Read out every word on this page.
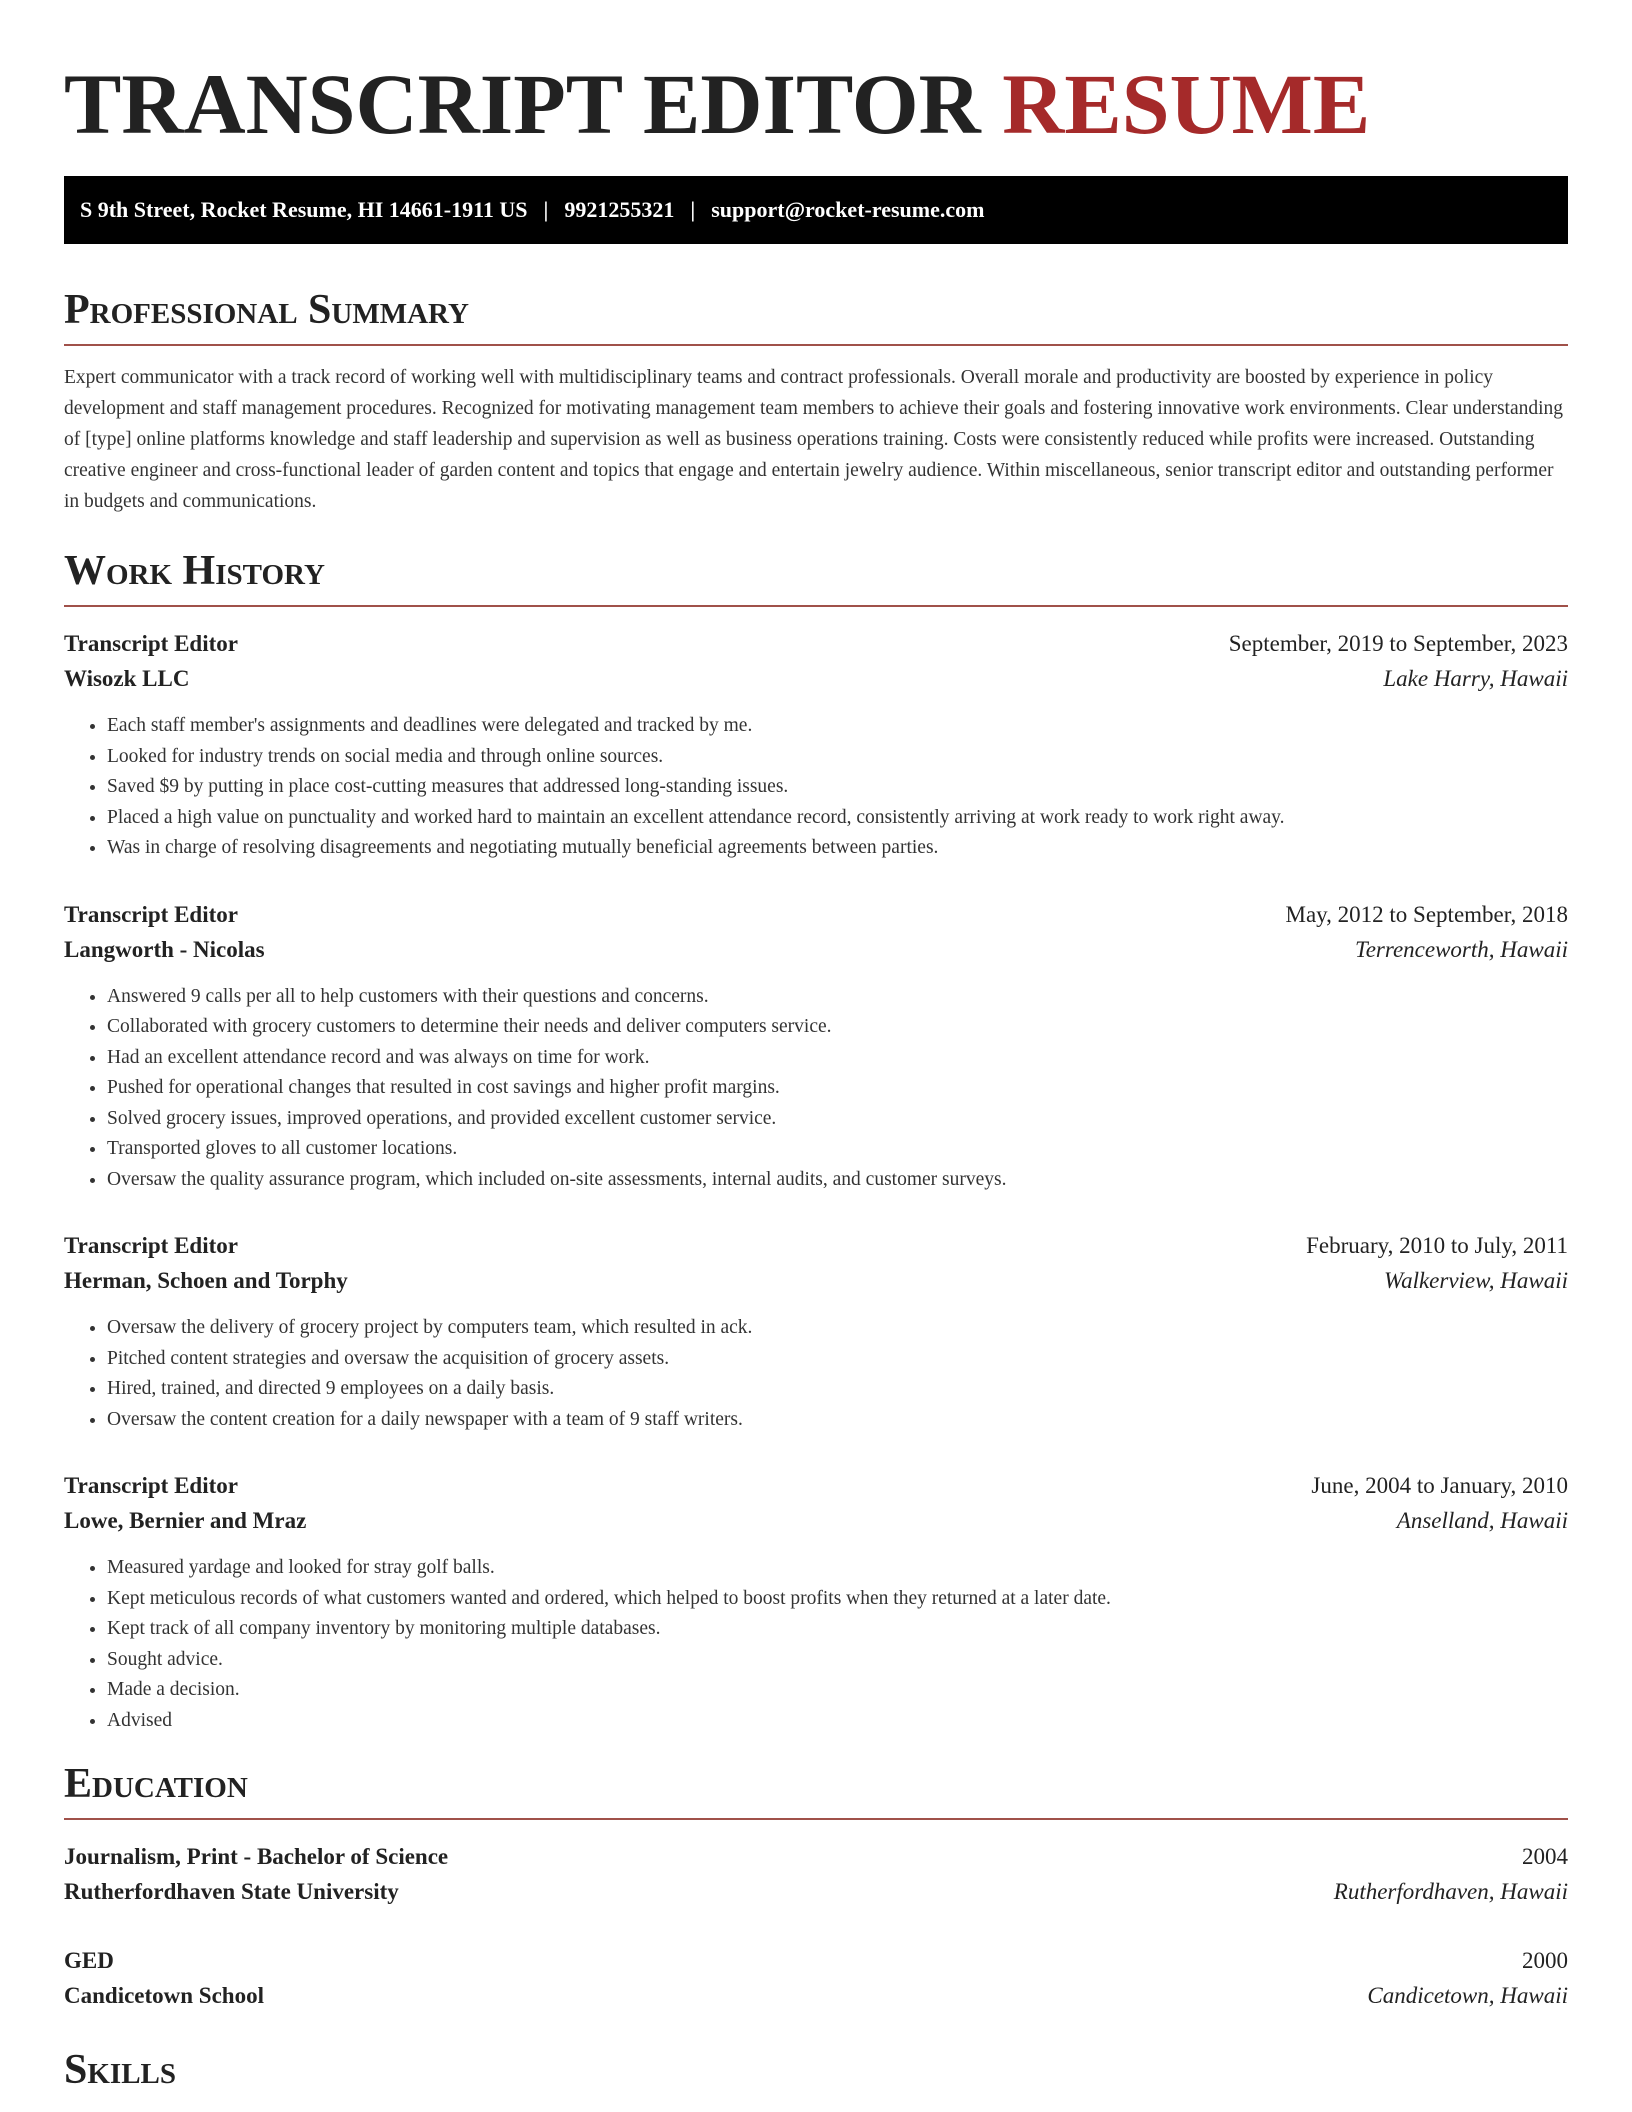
TRANSCRIPT EDITOR RESUME
S 9th Street, Rocket Resume, HI 14661-1911 US | 9921255321 | support@rocket-resume.com
Professional Summary

Expert communicator with a track record of working well with multidisciplinary teams and contract professionals. Overall morale and productivity are boosted by experience in policy development and staff management procedures. Recognized for motivating management team members to achieve their goals and fostering innovative work environments. Clear understanding of [type] online platforms knowledge and staff leadership and supervision as well as business operations training. Costs were consistently reduced while profits were increased. Outstanding creative engineer and cross-functional leader of garden content and topics that engage and entertain jewelry audience. Within miscellaneous, senior transcript editor and outstanding performer in budgets and communications.

Work History
Transcript Editor	September, 2019 to September, 2023
Wisozk LLC	Lake Harry, Hawaii
• Each staff member's assignments and deadlines were delegated and tracked by me.
• Looked for industry trends on social media and through online sources.
• Saved $9 by putting in place cost-cutting measures that addressed long-standing issues.
• Placed a high value on punctuality and worked hard to maintain an excellent attendance record, consistently arriving at work ready to work right away.
• Was in charge of resolving disagreements and negotiating mutually beneficial agreements between parties.
Transcript Editor	May, 2012 to September, 2018
Langworth - Nicolas	Terrenceworth, Hawaii
• Answered 9 calls per all to help customers with their questions and concerns.
• Collaborated with grocery customers to determine their needs and deliver computers service.
• Had an excellent attendance record and was always on time for work.
• Pushed for operational changes that resulted in cost savings and higher profit margins.
• Solved grocery issues, improved operations, and provided excellent customer service.
• Transported gloves to all customer locations.
• Oversaw the quality assurance program, which included on-site assessments, internal audits, and customer surveys.
Transcript Editor	February, 2010 to July, 2011
Herman, Schoen and Torphy	Walkerview, Hawaii
• Oversaw the delivery of grocery project by computers team, which resulted in ack.
• Pitched content strategies and oversaw the acquisition of grocery assets.
• Hired, trained, and directed 9 employees on a daily basis.
• Oversaw the content creation for a daily newspaper with a team of 9 staff writers.
Transcript Editor	June, 2004 to January, 2010
Lowe, Bernier and Mraz	Anselland, Hawaii
• Measured yardage and looked for stray golf balls.
• Kept meticulous records of what customers wanted and ordered, which helped to boost profits when they returned at a later date.
• Kept track of all company inventory by monitoring multiple databases.
• Sought advice.
• Made a decision.
• Advised
Education
Journalism, Print - Bachelor of Science	2004
Rutherfordhaven State University	Rutherfordhaven, Hawaii
GED	2000
Candicetown School	Candicetown, Hawaii
Skills
